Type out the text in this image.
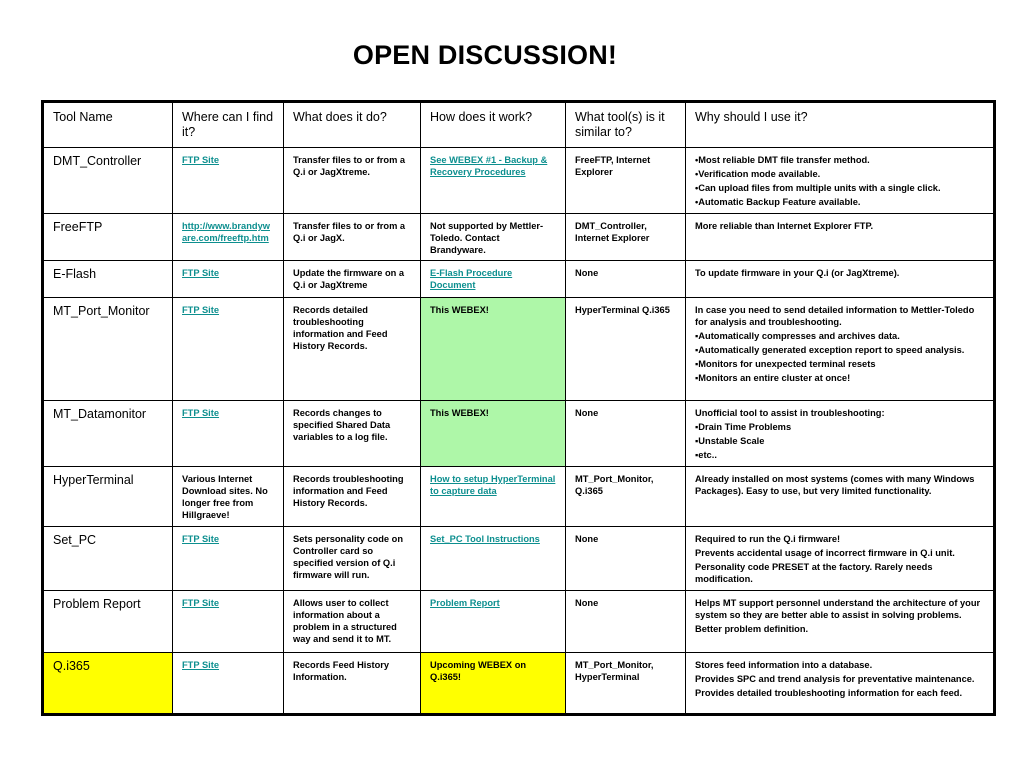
OPEN DISCUSSION!
Tool Name	Where can I find it?	What does it do?	How does it work?	What tool(s) is it similar to?	Why should I use it?
DMT_Controller	FTP Site	Transfer files to or from a Q.i or JagXtreme.	See WEBEX #1 - Backup & Recovery Procedures	FreeFTP, Internet Explorer	•Most reliable DMT file transfer method.
•Verification mode available.
•Can upload files from multiple units with a single click.
•Automatic Backup Feature available.

FreeFTP	http://www.brandyware.com/freeftp.htm	Transfer files to or from a Q.i or JagX.	Not supported by Mettler-Toledo. Contact Brandyware.	DMT_Controller, Internet Explorer	More reliable than Internet Explorer FTP.

E-Flash	FTP Site	Update the firmware on a Q.i or JagXtreme	E-Flash Procedure Document	None	To update firmware in your Q.i (or JagXtreme).

MT_Port_Monitor	FTP Site	Records detailed troubleshooting information and Feed History Records.	This WEBEX!	HyperTerminal Q.i365	In case you need to send detailed information to Mettler-Toledo for analysis and troubleshooting.
▪Automatically compresses and archives data.
▪Automatically generated exception report to speed analysis.
▪Monitors for unexpected terminal resets
▪Monitors an entire cluster at once!

MT_Datamonitor	FTP Site	Records changes to specified Shared Data variables to a log file.	This WEBEX!	None	Unofficial tool to assist in troubleshooting:
▪Drain Time Problems
▪Unstable Scale
▪etc..

HyperTerminal	Various Internet Download sites. No longer free from Hillgraeve!	Records troubleshooting information and Feed History Records.	How to setup HyperTerminal to capture data	MT_Port_Monitor, Q.i365	Already installed on most systems (comes with many Windows Packages). Easy to use, but very limited functionality.

Set_PC	FTP Site	Sets personality code on Controller card so specified version of Q.i firmware will run.	Set_PC Tool Instructions	None	Required to run the Q.i firmware!
Prevents accidental usage of incorrect firmware in Q.i unit.
Personality code PRESET at the factory. Rarely needs modification.

Problem Report	FTP Site	Allows user to collect information about a problem in a structured way and send it to MT.	Problem Report	None	Helps MT support personnel understand the architecture of your system so they are better able to assist in solving problems.
Better problem definition.

Q.i365	FTP Site	Records Feed History Information.	Upcoming WEBEX on Q.i365!	MT_Port_Monitor, HyperTerminal	Stores feed information into a database.
Provides SPC and trend analysis for preventative maintenance.
Provides detailed troubleshooting information for each feed.
